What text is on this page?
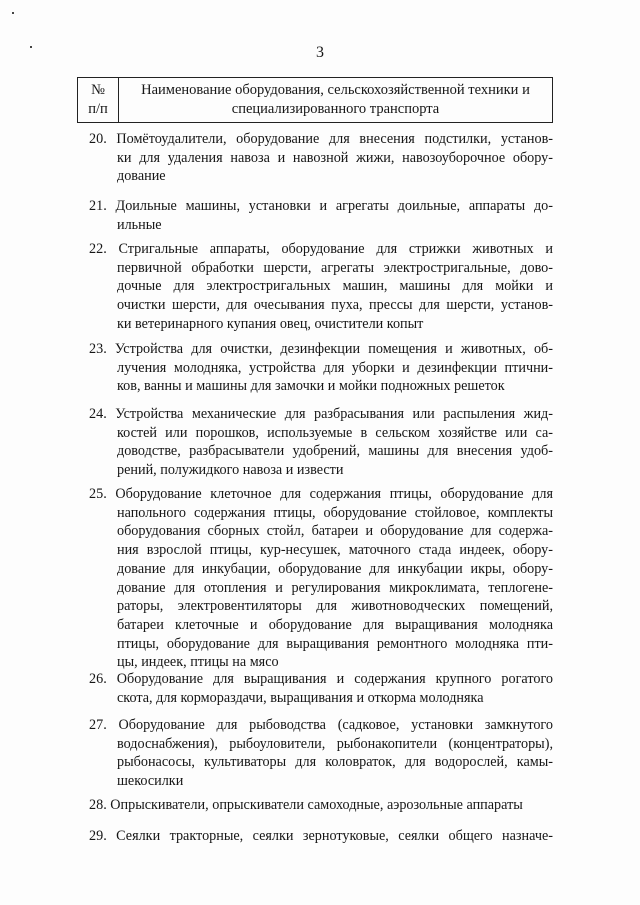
3
№
п/п
Наименование оборудования, сельскохозяйственной техники и
специализированного транспорта
20. Помётоудалители, оборудование для внесения подстилки, установ-
ки для удаления навоза и навозной жижи, навозоуборочное обору-
дование
21. Доильные машины, установки и агрегаты доильные, аппараты до-
ильные
22. Стригальные аппараты, оборудование для стрижки животных и
первичной обработки шерсти, агрегаты электростригальные, дово-
дочные для электростригальных машин, машины для мойки и
очистки шерсти, для очесывания пуха, прессы для шерсти, установ-
ки ветеринарного купания овец, очистители копыт
23. Устройства для очистки, дезинфекции помещения и животных, об-
лучения молодняка, устройства для уборки и дезинфекции птични-
ков, ванны и машины для замочки и мойки подножных решеток
24. Устройства механические для разбрасывания или распыления жид-
костей или порошков, используемые в сельском хозяйстве или са-
доводстве, разбрасыватели удобрений, машины для внесения удоб-
рений, полужидкого навоза и извести
25. Оборудование клеточное для содержания птицы, оборудование для
напольного содержания птицы, оборудование стойловое, комплекты
оборудования сборных стойл, батареи и оборудование для содержа-
ния взрослой птицы, кур-несушек, маточного стада индеек, обору-
дование для инкубации, оборудование для инкубации икры, обору-
дование для отопления и регулирования микроклимата, теплогене-
раторы, электровентиляторы для животноводческих помещений,
батареи клеточные и оборудование для выращивания молодняка
птицы, оборудование для выращивания ремонтного молодняка пти-
цы, индеек, птицы на мясо
26. Оборудование для выращивания и содержания крупного рогатого
скота, для кормораздачи, выращивания и откорма молодняка
27. Оборудование для рыбоводства (садковое, установки замкнутого
водоснабжения), рыбоуловители, рыбонакопители (концентраторы),
рыбонасосы, культиваторы для коловраток, для водорослей, камы-
шекосилки
28. Опрыскиватели, опрыскиватели самоходные, аэрозольные аппараты
29. Сеялки тракторные, сеялки зернотуковые, сеялки общего назначе-
